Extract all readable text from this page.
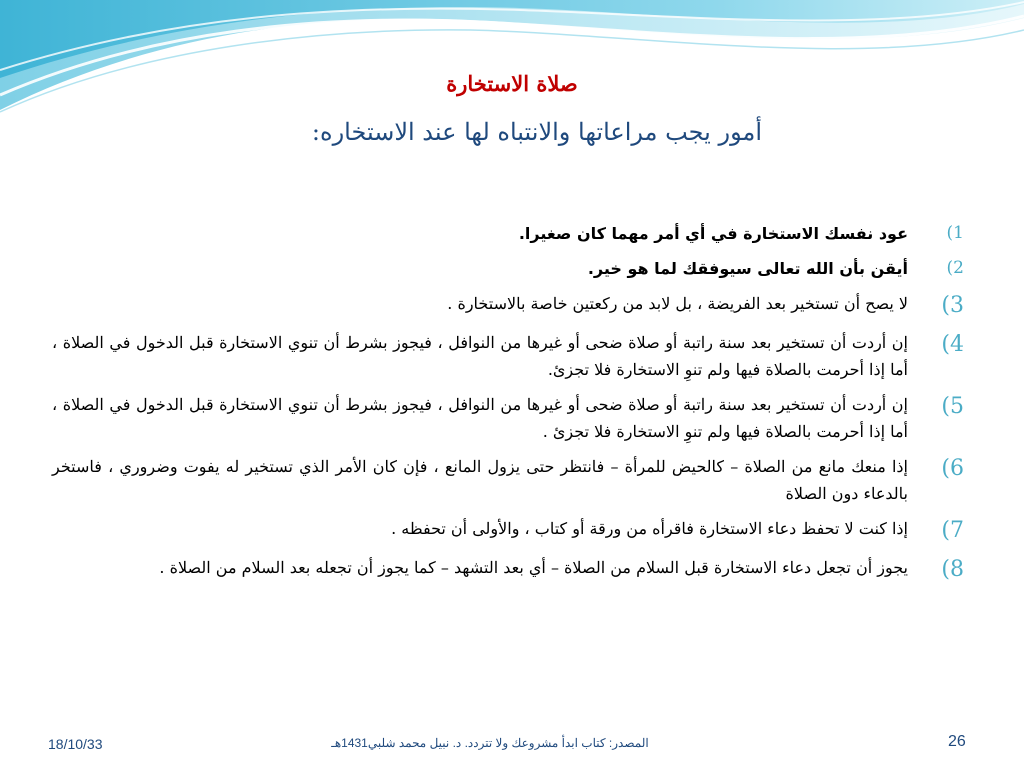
صلاة الاستخارة
أمور يجب مراعاتها والانتباه لها عند الاستخاره:
1)
عود نفسك الاستخارة في أي أمر مهما كان صغيرا.
2)
أيقن بأن الله تعالى سيوفقك لما هو خير.
3)
لا يصح أن تستخير بعد الفريضة ، بل لابد من ركعتين خاصة بالاستخارة .
4)
إن أردت أن تستخير بعد سنة راتبة أو صلاة ضحى أو غيرها من النوافل ، فيجوز بشرط أن تنوي الاستخارة قبل الدخول في الصلاة ، أما إذا أحرمت بالصلاة فيها ولم تنوِ الاستخارة فلا تجزئ.
5)
إن أردت أن تستخير بعد سنة راتبة أو صلاة ضحى أو غيرها من النوافل ، فيجوز بشرط أن تنوي الاستخارة قبل الدخول في الصلاة ، أما إذا أحرمت بالصلاة فيها ولم تنوِ الاستخارة فلا تجزئ .
6)
إذا منعك مانع من الصلاة – كالحيض للمرأة – فانتظر حتى يزول المانع ، فإن كان الأمر الذي تستخير له يفوت وضروري ، فاستخر بالدعاء دون الصلاة
7)
إذا كنت لا تحفظ دعاء الاستخارة فاقرأه من ورقة أو كتاب ، والأولى أن تحفظه .
8)
يجوز أن تجعل دعاء الاستخارة قبل السلام من الصلاة – أي بعد التشهد – كما يجوز أن تجعله بعد السلام من الصلاة .
18/10/33	المصدر: كتاب ابدأ مشروعك ولا تتردد. د. نبيل محمد شلبي1431هـ	26
